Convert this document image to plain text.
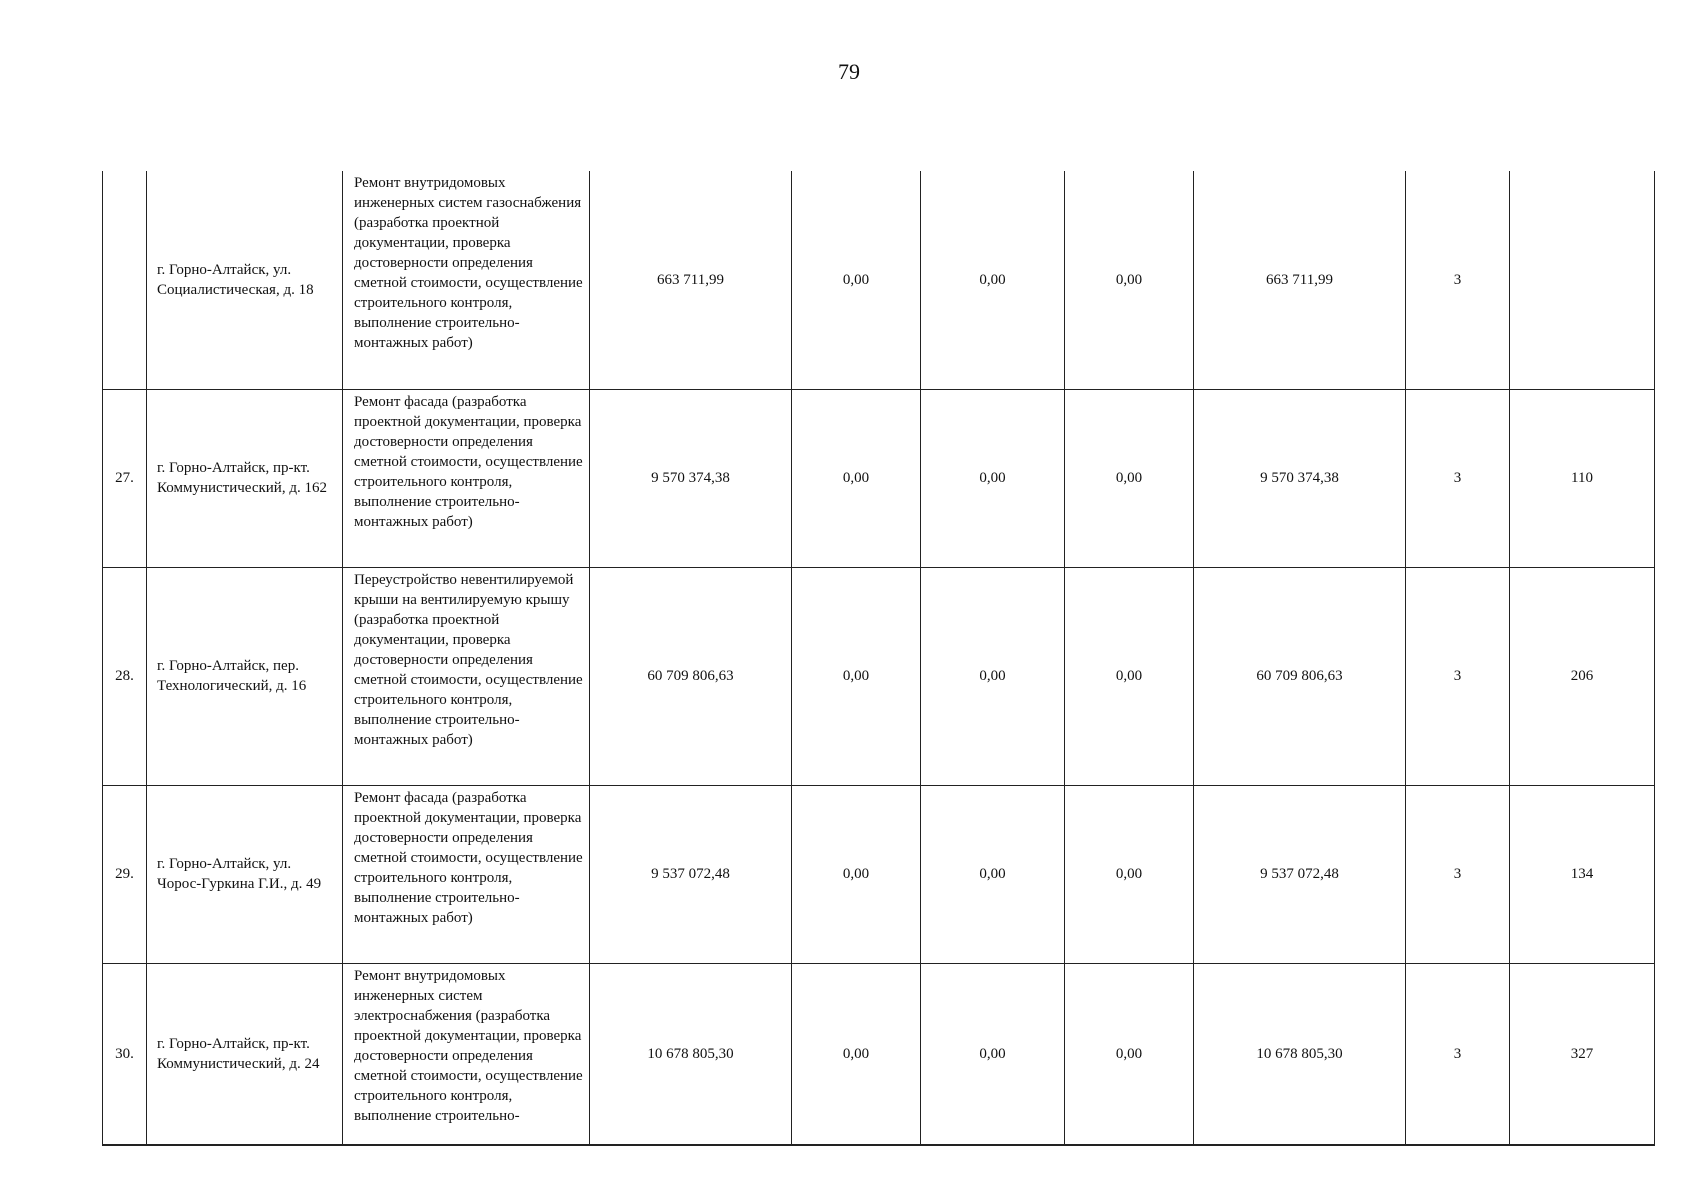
79
	г. Горно-Алтайск, ул. Социалистическая, д. 18	Ремонт внутридомовых инженерных систем газоснабжения (разработка проектной документации, проверка достоверности определения сметной стоимости, осуществление строительного контроля, выполнение строительно-монтажных работ)	663 711,99	0,00	0,00	0,00	663 711,99	3	
27.	г. Горно-Алтайск, пр-кт. Коммунистический, д. 162	Ремонт фасада (разработка проектной документации, проверка достоверности определения сметной стоимости, осуществление строительного контроля, выполнение строительно-монтажных работ)	9 570 374,38	0,00	0,00	0,00	9 570 374,38	3	110
28.	г. Горно-Алтайск, пер. Технологический, д. 16	Переустройство невентилируемой крыши на вентилируемую крышу (разработка проектной документации, проверка достоверности определения сметной стоимости, осуществление строительного контроля, выполнение строительно-монтажных работ)	60 709 806,63	0,00	0,00	0,00	60 709 806,63	3	206
29.	г. Горно-Алтайск, ул. Чорос-Гуркина Г.И., д. 49	Ремонт фасада (разработка проектной документации, проверка достоверности определения сметной стоимости, осуществление строительного контроля, выполнение строительно-монтажных работ)	9 537 072,48	0,00	0,00	0,00	9 537 072,48	3	134
30.	г. Горно-Алтайск, пр-кт. Коммунистический, д. 24	Ремонт внутридомовых инженерных систем электроснабжения (разработка проектной документации, проверка достоверности определения сметной стоимости, осуществление строительного контроля, выполнение строительно-	10 678 805,30	0,00	0,00	0,00	10 678 805,30	3	327
